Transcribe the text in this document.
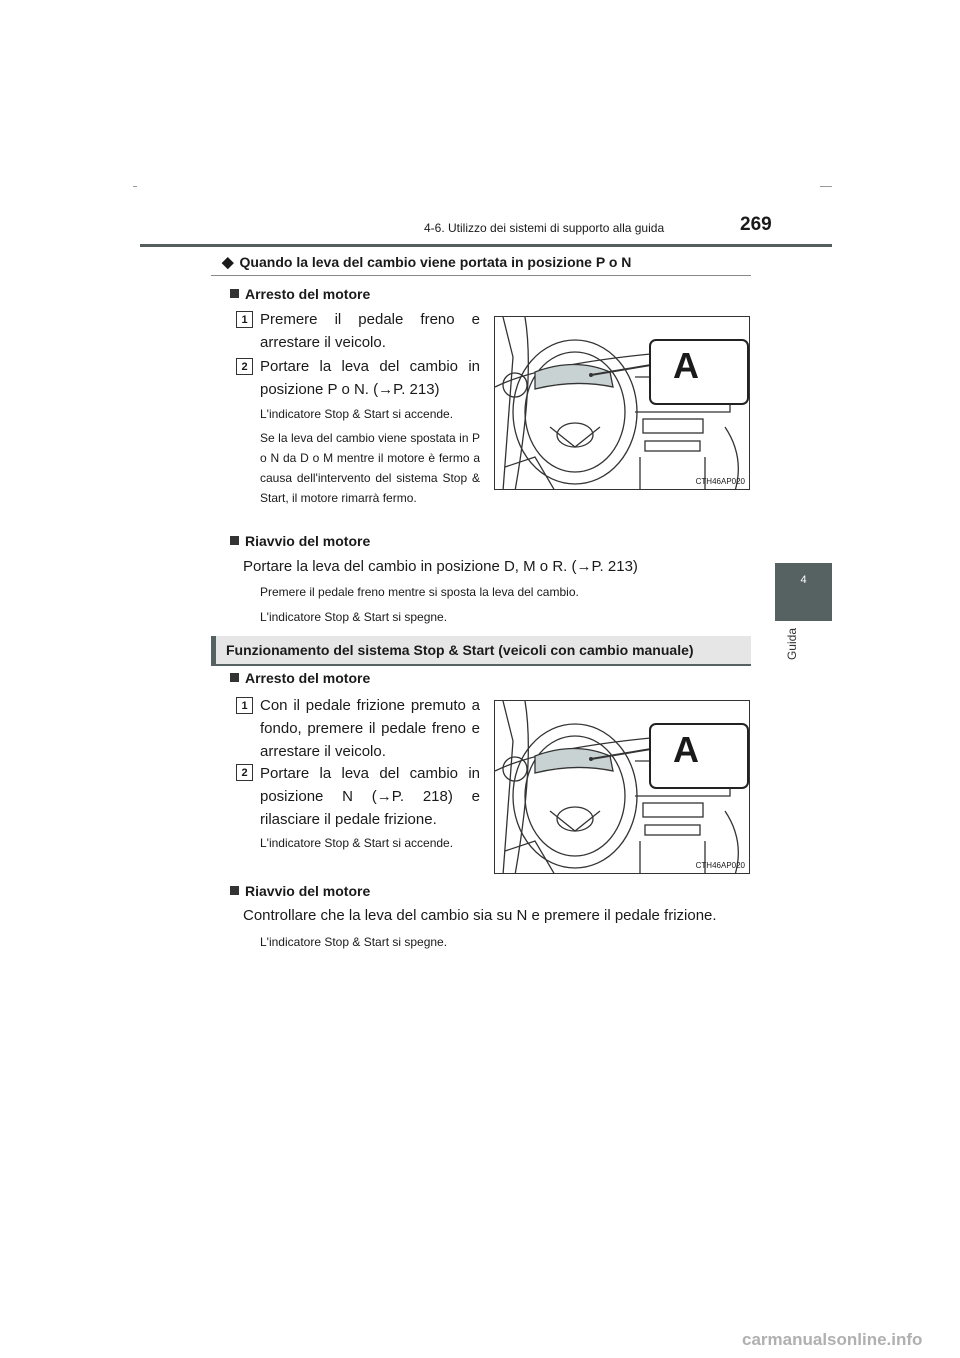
4-6. Utilizzo dei sistemi di supporto alla guida	269
4
Guida
◆ Quando la leva del cambio viene portata in posizione P o N
Arresto del motore
1 Premere il pedale freno e arrestare il veicolo.
2 Portare la leva del cambio in posizione P o N. (→P. 213)
L'indicatore Stop & Start si accende.
Se la leva del cambio viene spostata in P o N da D o M mentre il motore è fermo a causa dell'intervento del sistema Stop & Start, il motore rimarrà fermo.
A
CTH46AP020
Riavvio del motore
Portare la leva del cambio in posizione D, M o R. (→P. 213)
Premere il pedale freno mentre si sposta la leva del cambio.
L'indicatore Stop & Start si spegne.
Funzionamento del sistema Stop & Start (veicoli con cambio manuale)
Arresto del motore
1 Con il pedale frizione premuto a fondo, premere il pedale freno e arrestare il veicolo.
2 Portare la leva del cambio in posizione N (→P. 218) e rilasciare il pedale frizione.
L'indicatore Stop & Start si accende.
A
CTH46AP020
Riavvio del motore
Controllare che la leva del cambio sia su N e premere il pedale frizione.
L'indicatore Stop & Start si spegne.
carmanualsonline.info
